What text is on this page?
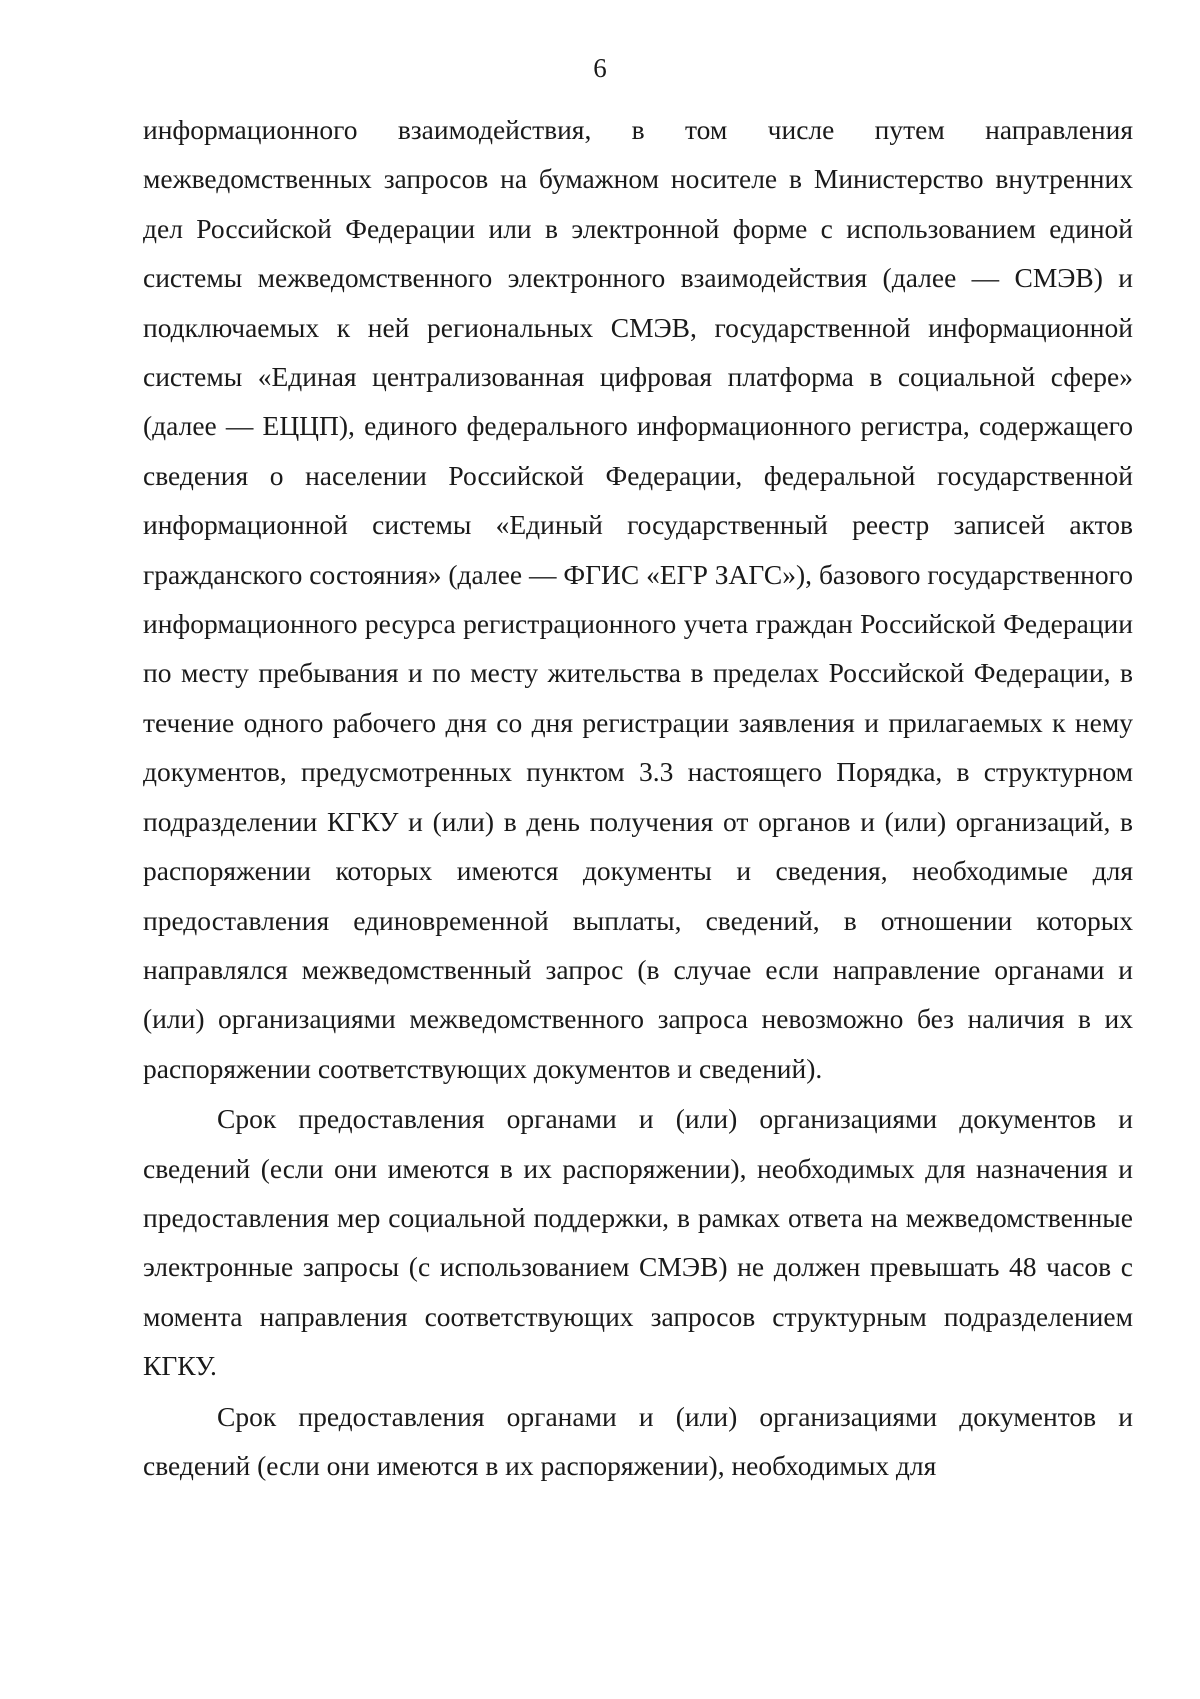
6

информационного взаимодействия, в том числе путем направления межведомственных запросов на бумажном носителе в Министерство внутренних дел Российской Федерации или в электронной форме с использованием единой системы межведомственного электронного взаимодействия (далее — СМЭВ) и подключаемых к ней региональных СМЭВ, государственной информационной системы «Единая централизованная цифровая платформа в социальной сфере» (далее — ЕЦЦП), единого федерального информационного регистра, содержащего сведения о населении Российской Федерации, федеральной государственной информационной системы «Единый государственный реестр записей актов гражданского состояния» (далее — ФГИС «ЕГР ЗАГС»), базового государственного информационного ресурса регистрационного учета граждан Российской Федерации по месту пребывания и по месту жительства в пределах Российской Федерации, в течение одного рабочего дня со дня регистрации заявления и прилагаемых к нему документов, предусмотренных пунктом 3.3 настоящего Порядка, в структурном подразделении КГКУ и (или) в день получения от органов и (или) организаций, в распоряжении которых имеются документы и сведения, необходимые для предоставления единовременной выплаты, сведений, в отношении которых направлялся межведомственный запрос (в случае если направление органами и (или) организациями межведомственного запроса невозможно без наличия в их распоряжении соответствующих документов и сведений).

Срок предоставления органами и (или) организациями документов и сведений (если они имеются в их распоряжении), необходимых для назначения и предоставления мер социальной поддержки, в рамках ответа на межведомственные электронные запросы (с использованием СМЭВ) не должен превышать 48 часов с момента направления соответствующих запросов структурным подразделением КГКУ.

Срок предоставления органами и (или) организациями документов и сведений (если они имеются в их распоряжении), необходимых для
